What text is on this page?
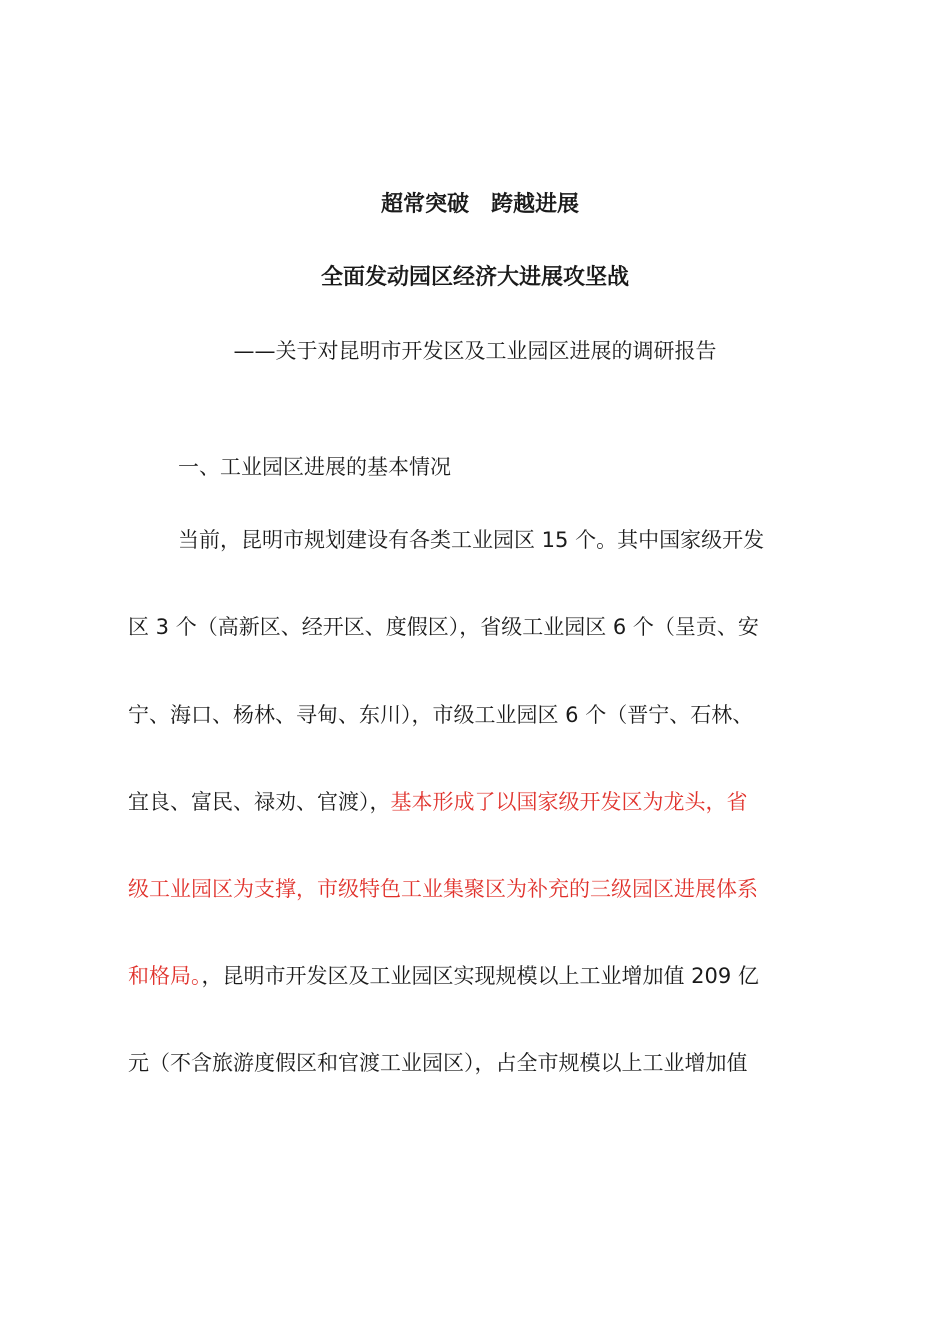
超常突破　跨越进展
全面发动园区经济大进展攻坚战

——关于对昆明市开发区及工业园区进展的调研报告

一、工业园区进展的基本情况

当前，昆明市规划建设有各类工业园区 15 个。其中国家级开发

区 3 个（高新区、经开区、度假区），省级工业园区 6 个（呈贡、安

宁、海口、杨林、寻甸、东川），市级工业园区 6 个（晋宁、石林、

宜良、富民、禄劝、官渡），基本形成了以国家级开发区为龙头，省

级工业园区为支撑，市级特色工业集聚区为补充的三级园区进展体系

和格局。，昆明市开发区及工业园区实现规模以上工业增加值 209 亿

元（不含旅游度假区和官渡工业园区），占全市规模以上工业增加值
